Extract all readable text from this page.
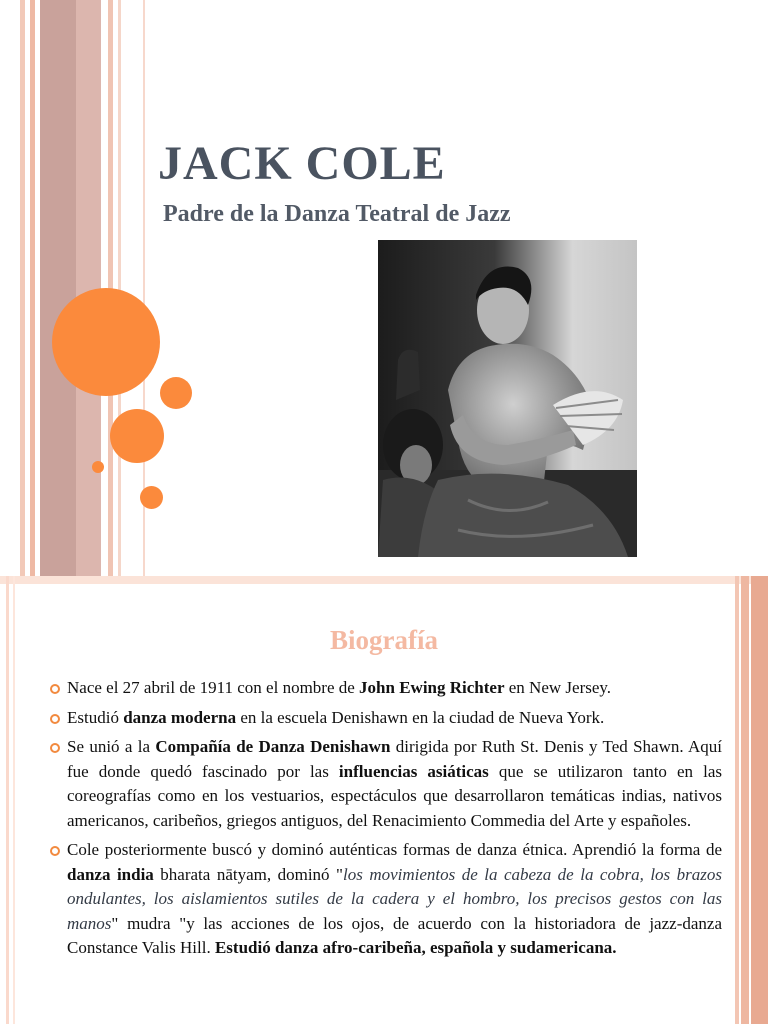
JACK COLE
Padre de la Danza Teatral de Jazz
Biografía
Nace el 27 abril de 1911 con el nombre de John Ewing Richter en New Jersey.
Estudió danza moderna en la escuela Denishawn en la ciudad de Nueva York.
Se unió a la Compañía de Danza Denishawn dirigida por Ruth St. Denis y Ted Shawn. Aquí fue donde quedó fascinado por las influencias asiáticas que se utilizaron tanto en las coreografías como en los vestuarios, espectáculos que desarrollaron temáticas indias, nativos americanos, caribeños, griegos antiguos, del Renacimiento Commedia del Arte y españoles.
Cole posteriormente buscó y dominó auténticas formas de danza étnica. Aprendió la forma de danza india bharata nātyam, dominó "los movimientos de la cabeza de la cobra, los brazos ondulantes, los aislamientos sutiles de la cadera y el hombro, los precisos gestos con las manos" mudra "y las acciones de los ojos, de acuerdo con la historiadora de jazz-danza Constance Valis Hill. Estudió danza afro-caribeña, española y sudamericana.
